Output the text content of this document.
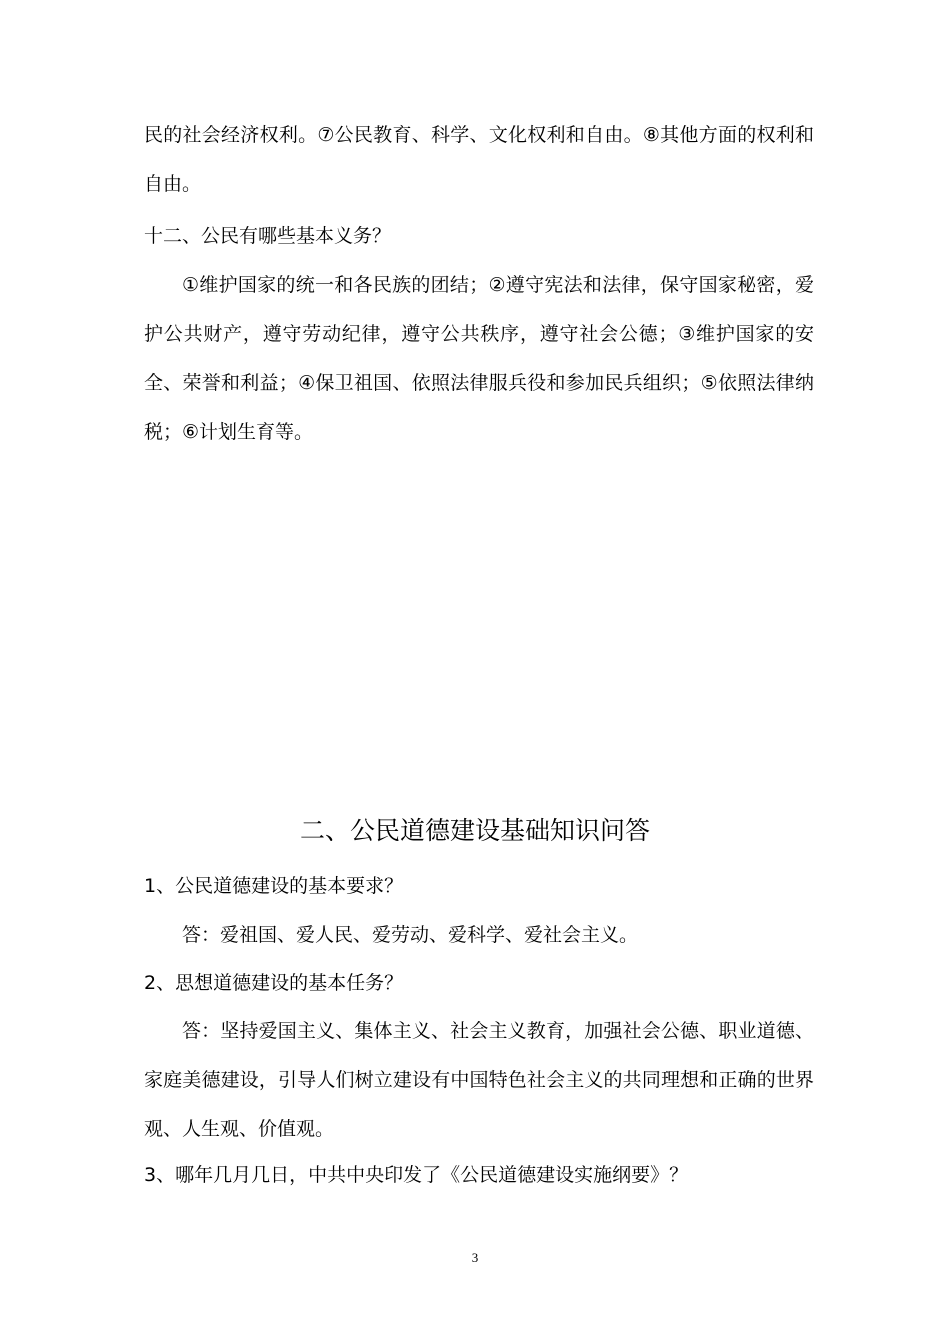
民的社会经济权利。⑦公民教育、科学、文化权利和自由。⑧其他方面的权利和自由。

十二、公民有哪些基本义务？

①维护国家的统一和各民族的团结；②遵守宪法和法律，保守国家秘密，爱护公共财产，遵守劳动纪律，遵守公共秩序，遵守社会公德；③维护国家的安全、荣誉和利益；④保卫祖国、依照法律服兵役和参加民兵组织；⑤依照法律纳税；⑥计划生育等。

二、公民道德建设基础知识问答

1、公民道德建设的基本要求？

答：爱祖国、爱人民、爱劳动、爱科学、爱社会主义。

2、思想道德建设的基本任务？

答：坚持爱国主义、集体主义、社会主义教育，加强社会公德、职业道德、家庭美德建设，引导人们树立建设有中国特色社会主义的共同理想和正确的世界观、人生观、价值观。

3、哪年几月几日，中共中央印发了《公民道德建设实施纲要》？

3
